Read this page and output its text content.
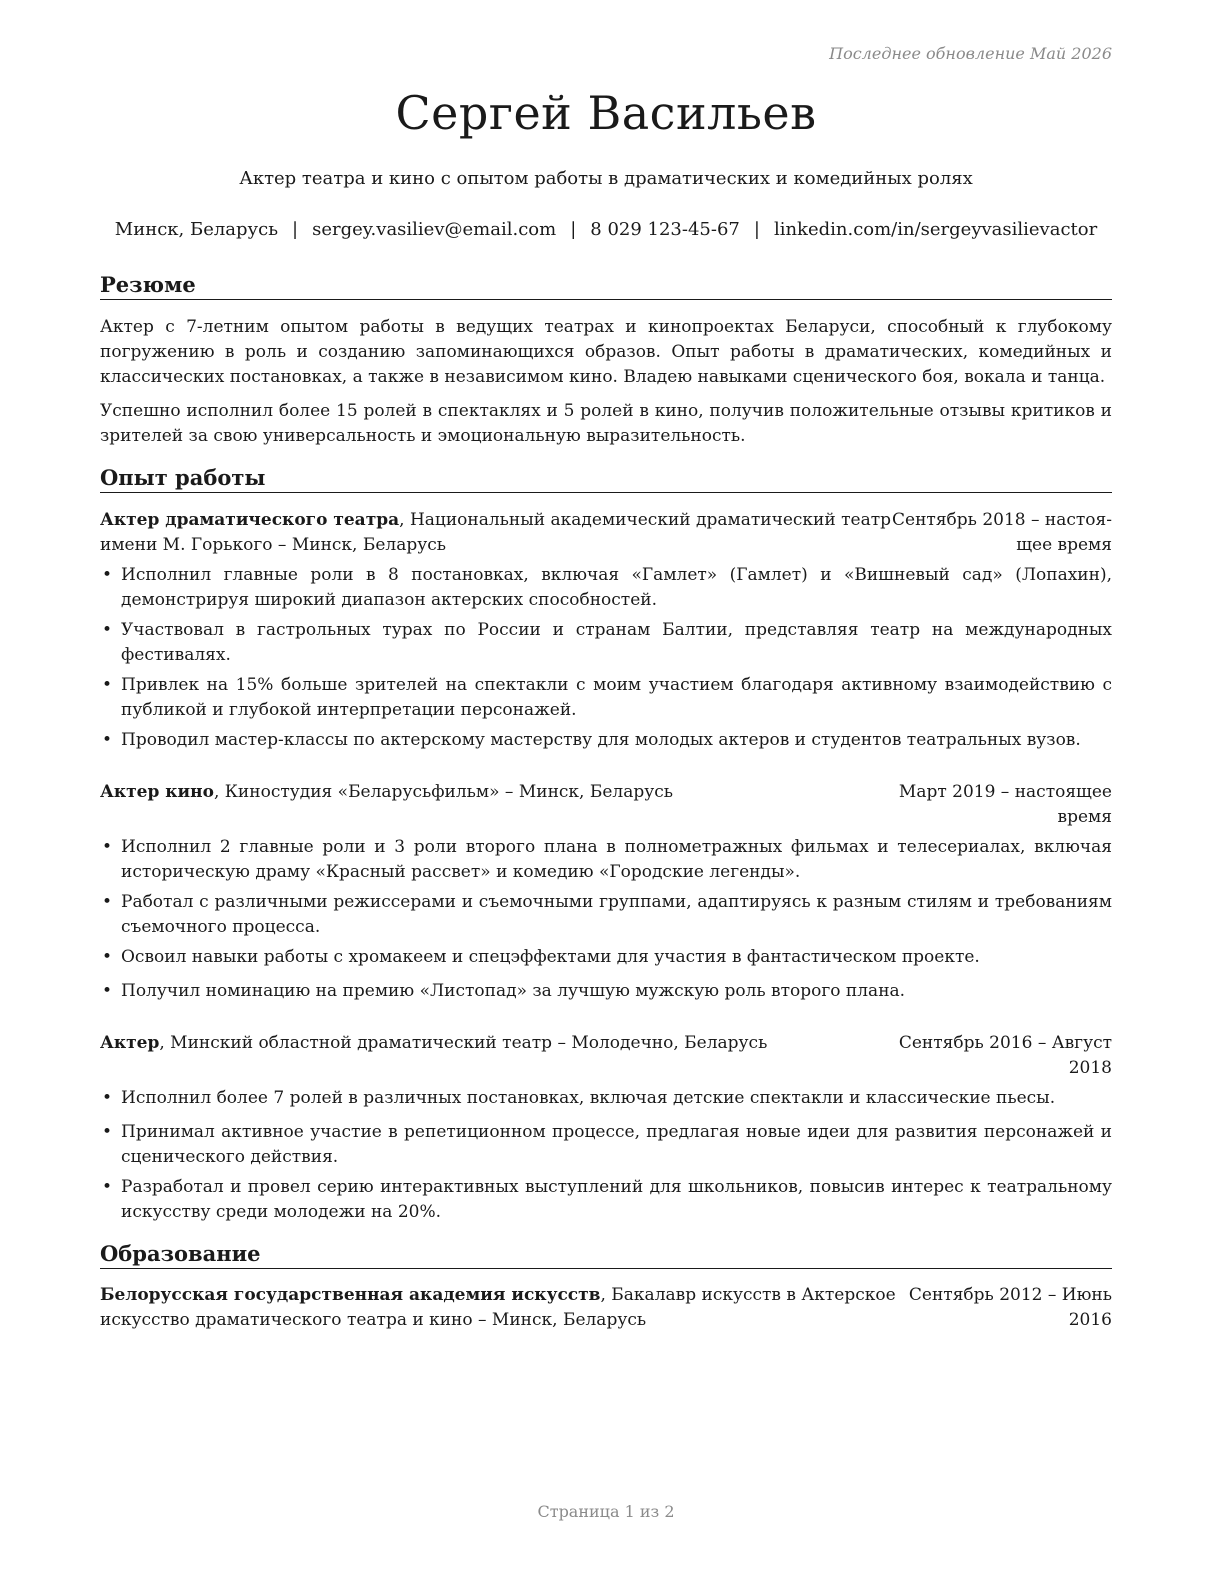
Последнее обновление Май 2026
Сергей Васильев
Актер театра и кино с опытом работы в драматических и комедийных ролях
Минск, Беларусь | sergey.vasiliev@email.com | 8 029 123-45-67 | linkedin.com/in/sergeyvasilievactor
Резюме
Актер с 7-летним опытом работы в ведущих театрах и кинопроектах Беларуси, способный к глубокому погружению в роль и созданию запоминающихся образов. Опыт работы в драматических, комедийных и классических постановках, а также в независимом кино. Владею навыками сценического боя, вокала и танца.
Успешно исполнил более 15 ролей в спектаклях и 5 ролей в кино, получив положительные отзывы критиков и зрителей за свою универсальность и эмоциональную выразительность.
Опыт работы
Актер драматического театра, Национальный академический драматический театр
имени М. Горького – Минск, Беларусь
Сентябрь 2018 – настоя-
щее время
• Исполнил главные роли в 8 постановках, включая «Гамлет» (Гамлет) и «Вишневый сад» (Лопахин), демонстрируя широкий диапазон актерских способностей.
• Участвовал в гастрольных турах по России и странам Балтии, представляя театр на международных фестивалях.
• Привлек на 15% больше зрителей на спектакли с моим участием благодаря активному взаимодействию с публикой и глубокой интерпретации персонажей.
• Проводил мастер-классы по актерскому мастерству для молодых актеров и студентов театральных вузов.
Актер кино, Киностудия «Беларусьфильм» – Минск, Беларусь	Март 2019 – настоящее
время
• Исполнил 2 главные роли и 3 роли второго плана в полнометражных фильмах и телесериалах, включая историческую драму «Красный рассвет» и комедию «Городские легенды».
• Работал с различными режиссерами и съемочными группами, адаптируясь к разным стилям и требованиям съемочного процесса.
• Освоил навыки работы с хромакеем и спецэффектами для участия в фантастическом проекте.
• Получил номинацию на премию «Листопад» за лучшую мужскую роль второго плана.
Актер, Минский областной драматический театр – Молодечно, Беларусь	Сентябрь 2016 – Август
2018
• Исполнил более 7 ролей в различных постановках, включая детские спектакли и классические пьесы.
• Принимал активное участие в репетиционном процессе, предлагая новые идеи для развития персонажей и сценического действия.
• Разработал и провел серию интерактивных выступлений для школьников, повысив интерес к театральному искусству среди молодежи на 20%.
Образование
Белорусская государственная академия искусств, Бакалавр искусств в Актерское
искусство драматического театра и кино – Минск, Беларусь
Сентябрь 2012 – Июнь
2016
Страница 1 из 2
